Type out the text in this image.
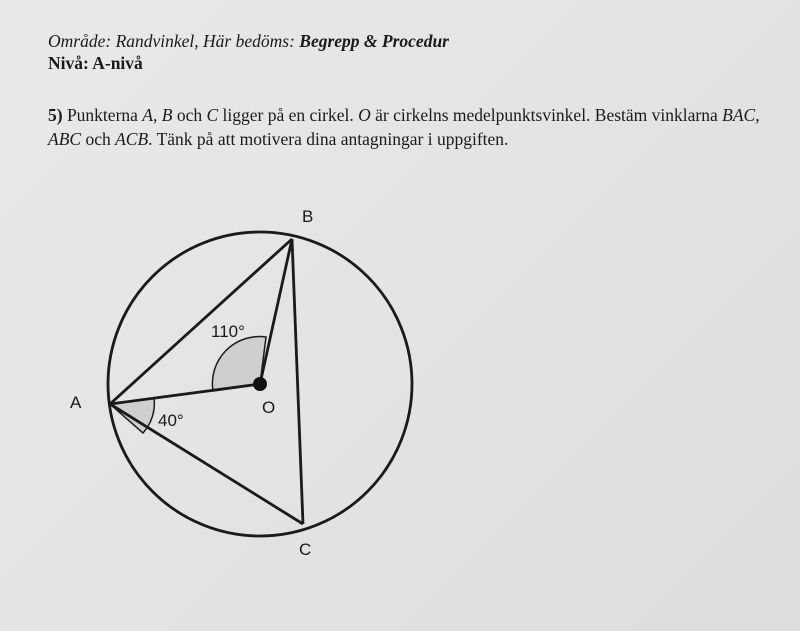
Område: Randvinkel, Här bedöms: Begrepp & Procedur
Nivå: A-nivå
5) Punkterna A, B och C ligger på en cirkel. O är cirkelns medelpunktsvinkel. Bestäm vinklarna BAC, ABC och ACB. Tänk på att motivera dina antagningar i uppgiften.
B
A
C
O
110°
40°
